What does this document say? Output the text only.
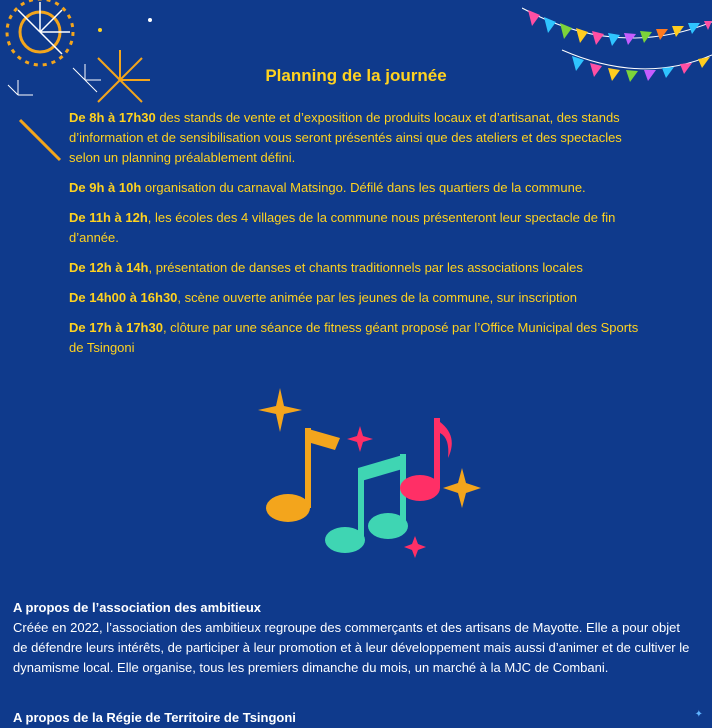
Planning de la journée

De 8h à 17h30 des stands de vente et d’exposition de produits locaux et d’artisanat, des stands d’information et de sensibilisation vous seront présentés ainsi que des ateliers et des spectacles selon un planning préalablement défini.

De 9h à 10h organisation du carnaval Matsingo. Défilé dans les quartiers de la commune.

De 11h à 12h, les écoles des 4 villages de la commune nous présenteront leur spectacle de fin d’année.

De 12h à 14h, présentation de danses et chants traditionnels par les associations locales

De 14h00 à 16h30, scène ouverte animée par les jeunes de la commune, sur inscription

De 17h à 17h30, clôture par une séance de fitness géant proposé par l’Office Municipal des Sports de Tsingoni

A propos de l’association des ambitieux

Créée en 2022, l’association des ambitieux regroupe des commerçants et des artisans de Mayotte. Elle a pour objet de défendre leurs intérêts, de participer à leur promotion et à leur développement mais aussi d’animer et de cultiver le dynamisme local. Elle organise, tous les premiers dimanche du mois, un marché à la MJC de Combani.

A propos de la Régie de Territoire de Tsingoni	✦
